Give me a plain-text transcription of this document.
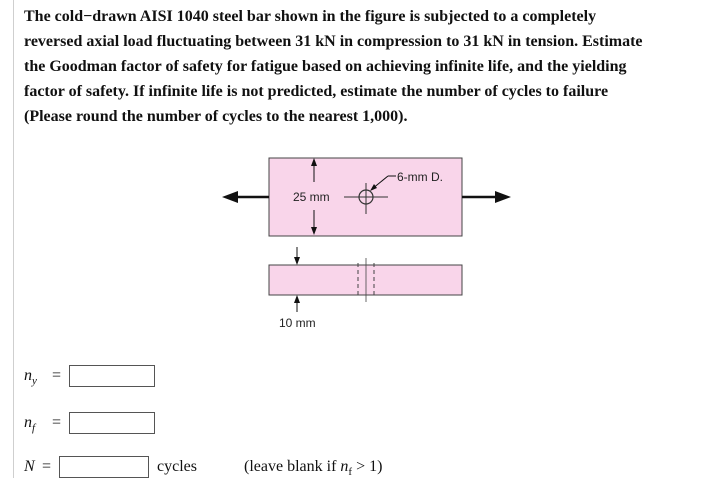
The cold−drawn AISI 1040 steel bar shown in the figure is subjected to a completely
reversed axial load fluctuating between 31 kN in compression to 31 kN in tension. Estimate
the Goodman factor of safety for fatigue based on achieving infinite life, and the yielding
factor of safety. If infinite life is not predicted, estimate the number of cycles to failure
(Please round the number of cycles to the nearest 1,000).
25 mm
6-mm D.
10 mm
$n_y$ =
$n_f$ =
N =	cycles	(leave blank if $n_f > 1$)
